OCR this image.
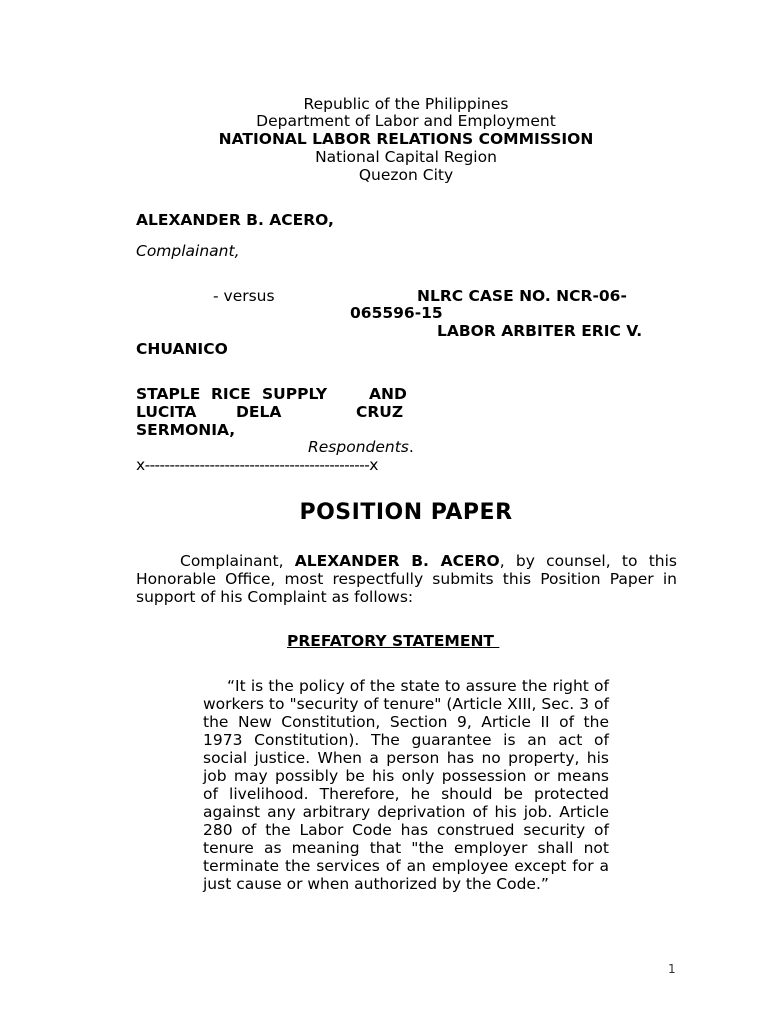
Republic of the Philippines
Department of Labor and Employment
NATIONAL LABOR RELATIONS COMMISSION
National Capital Region
Quezon City
ALEXANDER B. ACERO,
Complainant,
- versus	NLRC CASE NO. NCR-06-
065596-15
LABOR ARBITER ERIC V.
CHUANICO
STAPLE RICE SUPPLY	AND
LUCITA	DELA	CRUZ
SERMONIA,
Respondents.
x---------------------------------------------x
POSITION PAPER
Complainant, ALEXANDER B. ACERO, by counsel, to this Honorable Office, most respectfully submits this Position Paper in support of his Complaint as follows:
PREFATORY STATEMENT
“It is the policy of the state to assure the right of workers to "security of tenure" (Article XIII, Sec. 3 of the New Constitution, Section 9, Article II of the 1973 Constitution). The guarantee is an act of social justice. When a person has no property, his job may possibly be his only possession or means of livelihood. Therefore, he should be protected against any arbitrary deprivation of his job. Article 280 of the Labor Code has construed security of tenure as meaning that "the employer shall not terminate the services of an employee except for a just cause or when authorized by the Code.”
1
